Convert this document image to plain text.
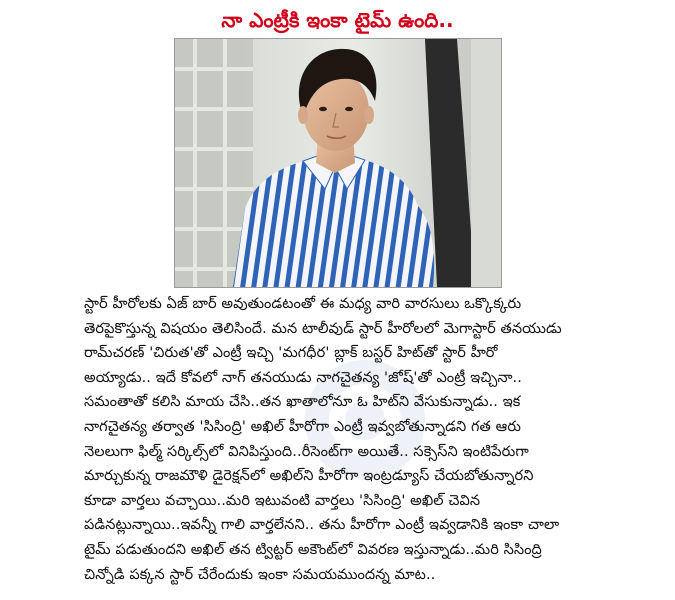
నా ఎంట్రీకి ఇంకా టైమ్ ఉంది..
స్టార్ హీరోలకు ఏజ్ బార్ అవుతుండటంతో ఈ మధ్య వారి వారసులు ఒక్కొక్కరు
తెరపైకొస్తున్న విషయం తెలిసిందే. మన టాలీవుడ్ స్టార్ హీరోలలో మెగాస్టార్ తనయుడు
రామ్‌చరణ్ 'చిరుత'తో ఎంట్రీ ఇచ్చి 'మగధీర' బ్లాక్ బస్టర్ హిట్‌తో స్టార్ హీరో
అయ్యాడు.. ఇదే కోవలో నాగ్ తనయుడు నాగచైతన్య 'జోష్'తో ఎంట్రీ ఇచ్చినా..
సమంతాతో కలిసి మాయ చేసి..తన ఖాతాలోనూ ఓ హిట్‌ని వేసుకున్నాడు.. ఇక
నాగచైతన్య తర్వాత 'సిసింద్రి' అఖిల్ హీరోగా ఎంట్రీ ఇవ్వబోతున్నాడని గత ఆరు
నెలలుగా ఫిల్మ్ సర్కిల్స్‌లో వినిపిస్తుంది..రీసెంట్‌గా అయితే.. సక్సెస్‌ని ఇంటిపేరుగా
మార్చుకున్న రాజమౌళి డైరెక్షన్‌లో అఖిల్‌ని హీరోగా ఇంట్రడ్యూస్ చేయబోతున్నారని
కూడా వార్తలు వచ్చాయి..మరి ఇటువంటి వార్తలు 'సిసింద్రి' అఖిల్ చెవిన
పడినట్లున్నాయి..ఇవన్నీ గాలి వార్తలేనని.. తను హీరోగా ఎంట్రీ ఇవ్వడానికి ఇంకా చాలా
టైమ్ పడుతుందని అఖిల్ తన ట్విట్టర్ అకౌంట్‌లో వివరణ ఇస్తున్నాడు..మరి సిసింద్రి
చిన్నోడి పక్కన స్టార్ చేరేందుకు ఇంకా సమయముందన్న మాట..
